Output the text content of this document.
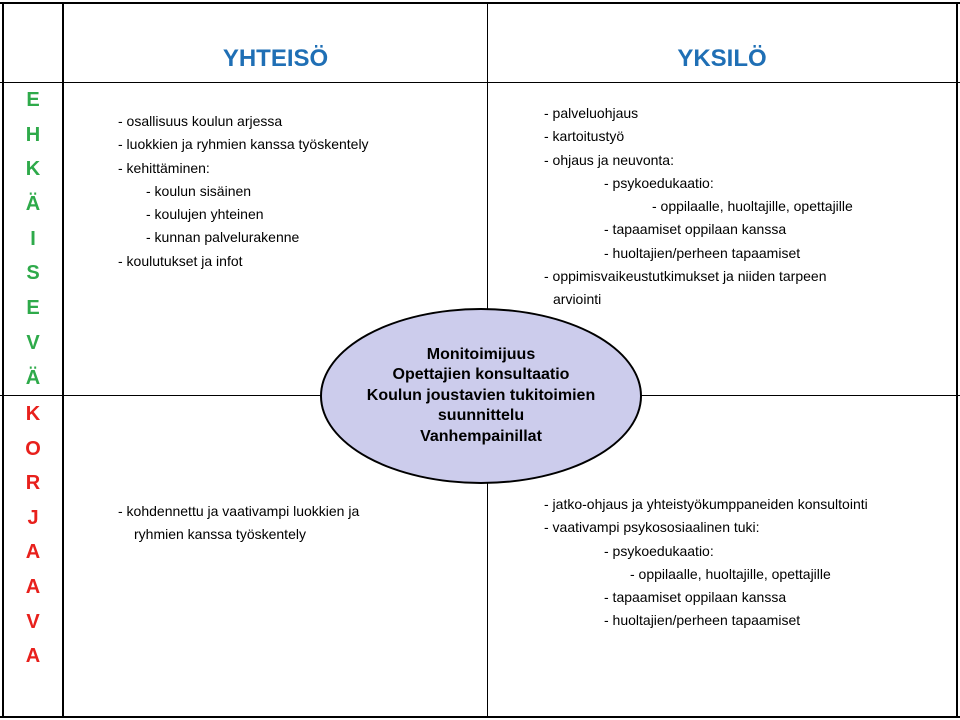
YHTEISÖ	YKSILÖ
E
H
K
Ä
I
S
E
V
Ä
K
O
R
J
A
A
V
A
- osallisuus koulun arjessa
- luokkien ja ryhmien kanssa työskentely
- kehittäminen:
- koulun sisäinen
- koulujen yhteinen
- kunnan palvelurakenne
- koulutukset ja infot
- palveluohjaus
- kartoitustyö
- ohjaus ja neuvonta:
- psykoedukaatio:
- oppilaalle, huoltajille, opettajille
- tapaamiset oppilaan kanssa
- huoltajien/perheen tapaamiset
- oppimisvaikeustutkimukset ja niiden tarpeen
arviointi
- kohdennettu ja vaativampi luokkien ja
ryhmien kanssa työskentely
- jatko-ohjaus ja yhteistyökumppaneiden konsultointi
- vaativampi psykososiaalinen tuki:
- psykoedukaatio:
- oppilaalle, huoltajille, opettajille
- tapaamiset oppilaan kanssa
- huoltajien/perheen tapaamiset
Monitoimijuus
Opettajien konsultaatio
Koulun joustavien tukitoimien
suunnittelu
Vanhempainillat
